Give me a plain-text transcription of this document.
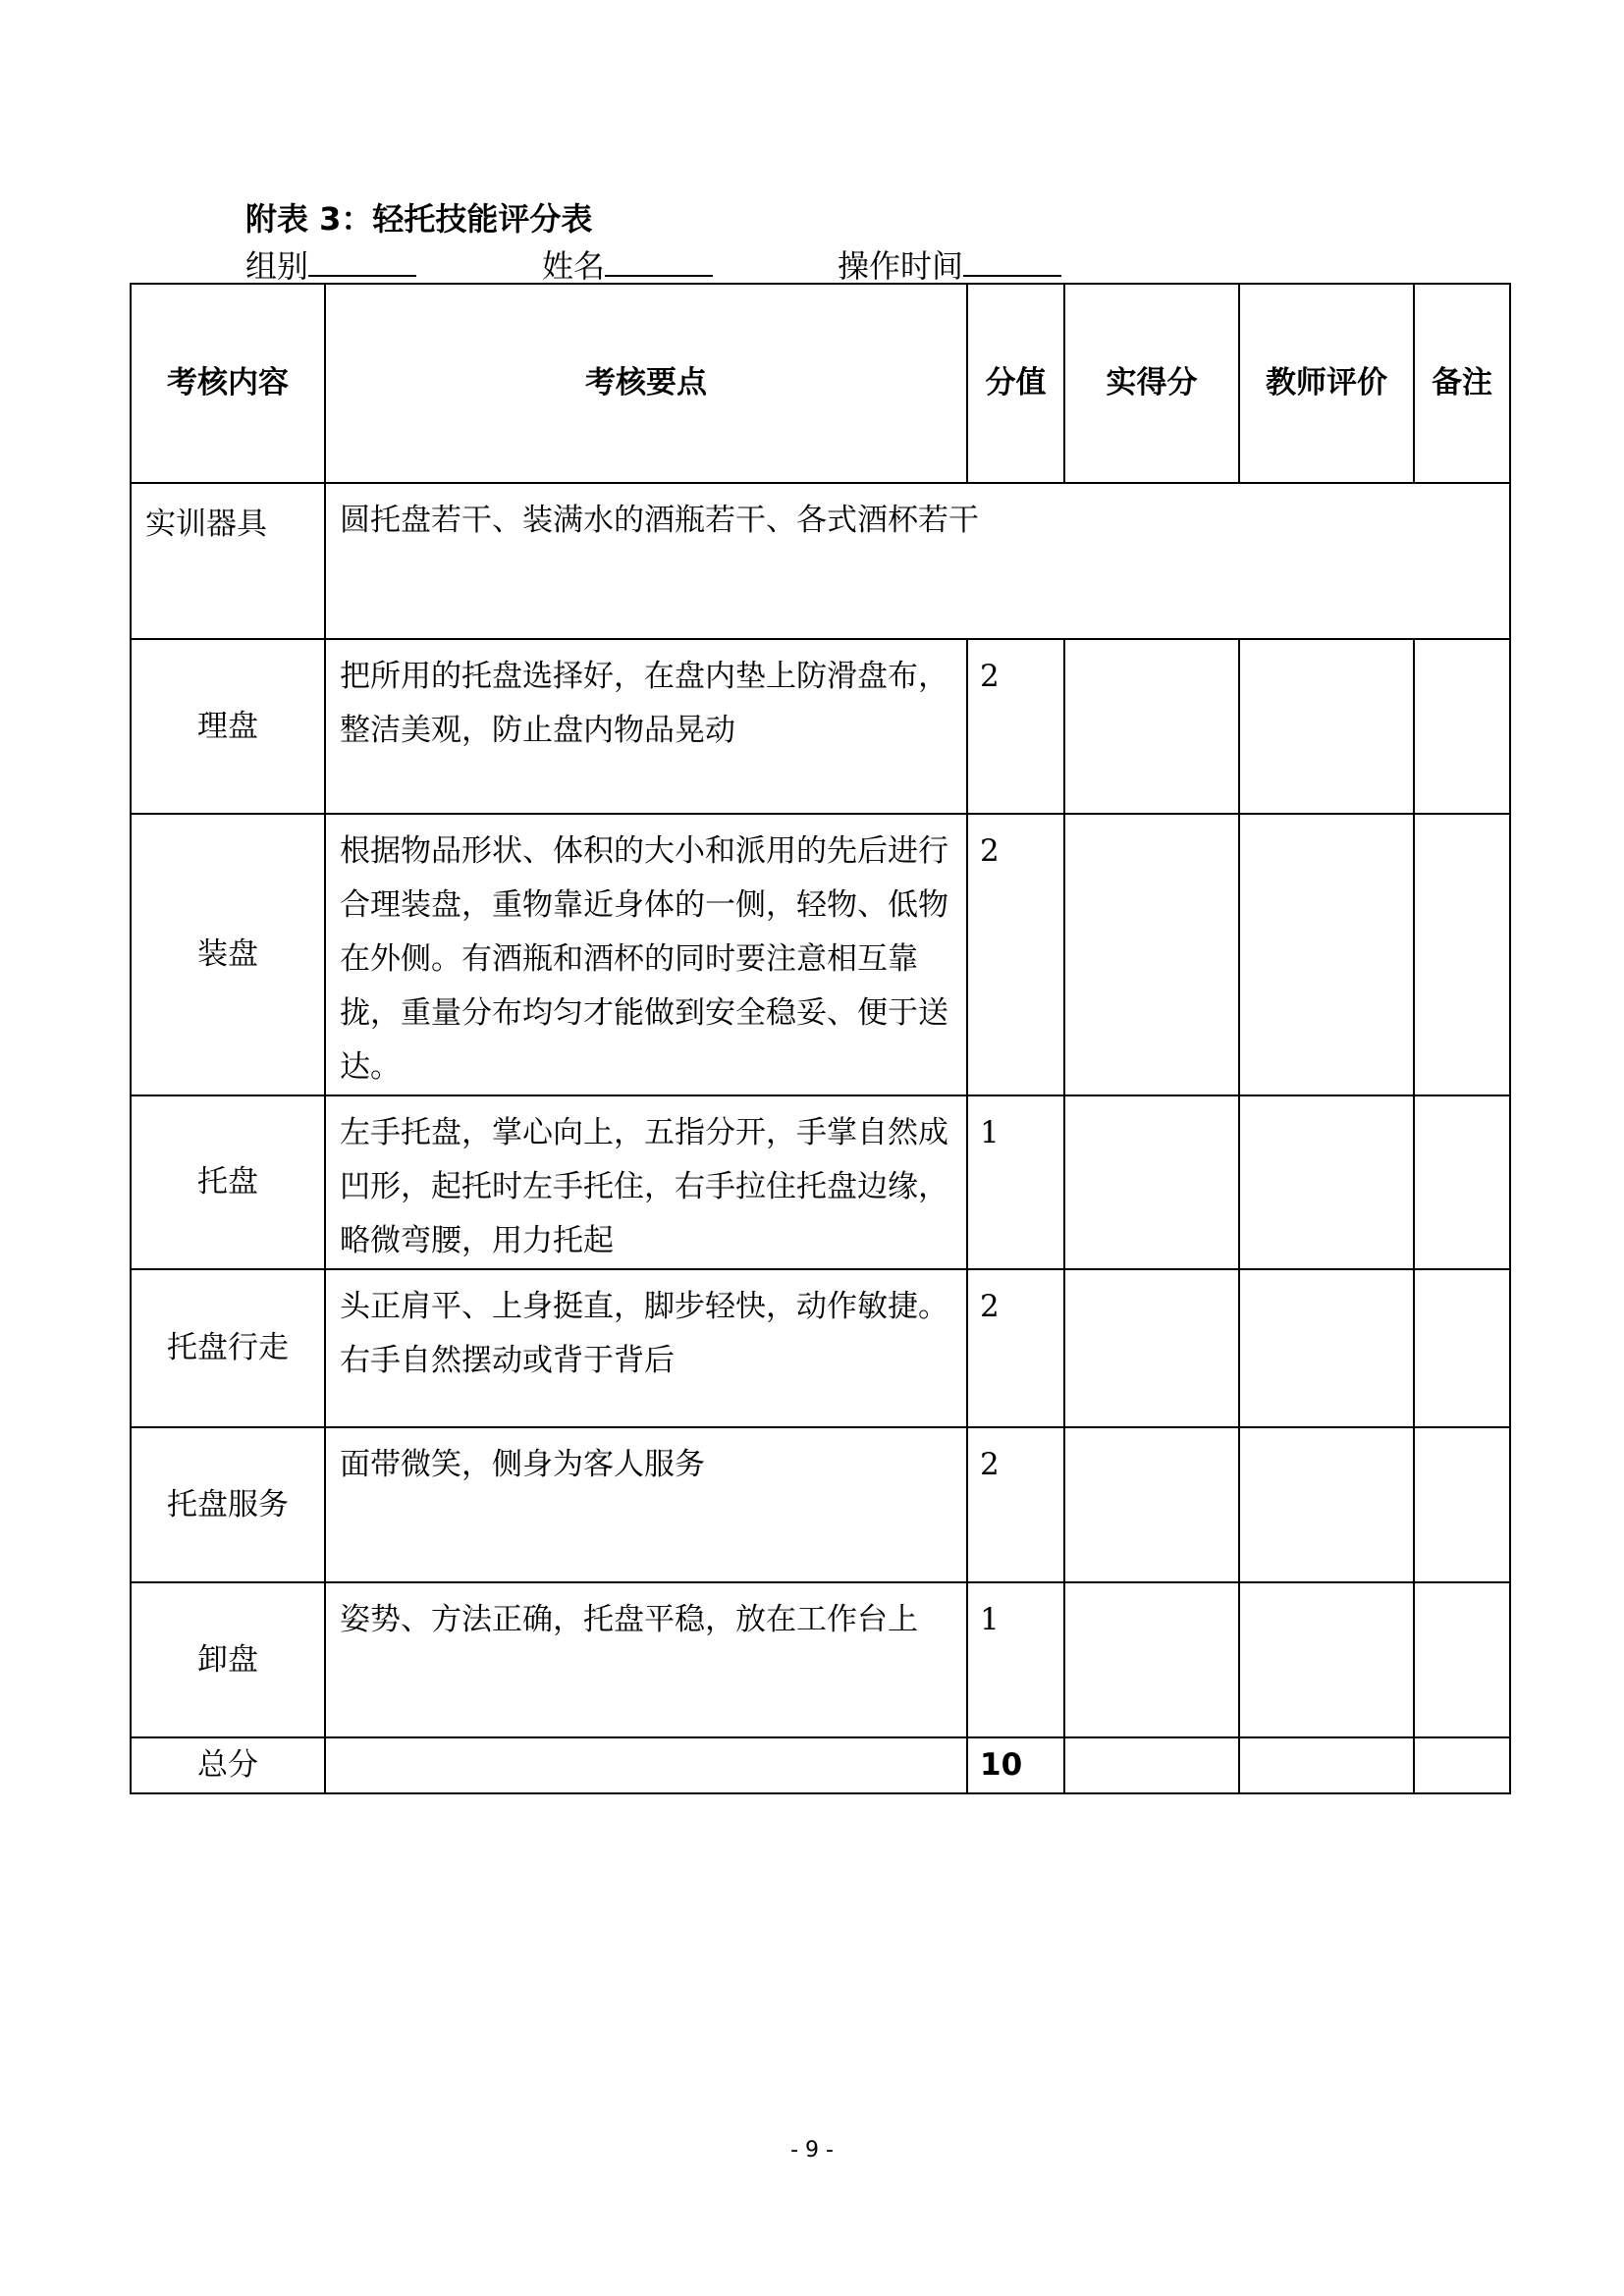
附表 3：轻托技能评分表
组别	姓名	操作时间
考核内容	考核要点	分值	实得分	教师评价	备注
实训器具	圆托盘若干、装满水的酒瓶若干、各式酒杯若干				
理盘	把所用的托盘选择好，在盘内垫上防滑盘布，整洁美观，防止盘内物品晃动	2			
装盘	根据物品形状、体积的大小和派用的先后进行合理装盘，重物靠近身体的一侧，轻物、低物在外侧。有酒瓶和酒杯的同时要注意相互靠拢，重量分布均匀才能做到安全稳妥、便于送达。	2			
托盘	左手托盘，掌心向上，五指分开，手掌自然成凹形，起托时左手托住，右手拉住托盘边缘，略微弯腰，用力托起	1			
托盘行走	头正肩平、上身挺直，脚步轻快，动作敏捷。右手自然摆动或背于背后	2			
托盘服务	面带微笑，侧身为客人服务	2			
卸盘	姿势、方法正确，托盘平稳，放在工作台上	1			
总分		10			
- 9 -
